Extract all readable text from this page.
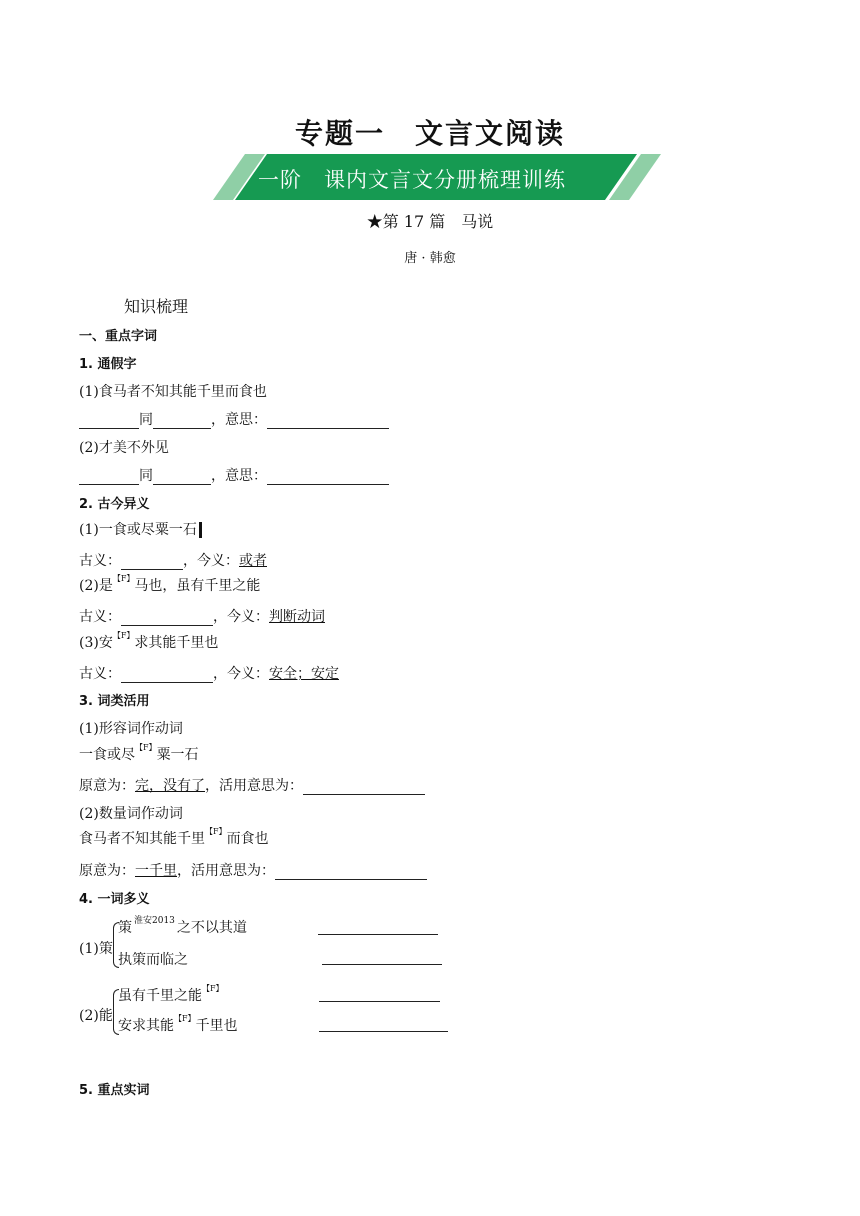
专题一　文言文阅读
一阶　课内文言文分册梳理训练
★第 17 篇　马说
唐 · 韩愈
知识梳理
一、重点字词
1. 通假字
(1)食马者不知其能千里而食也
同	，意思：
(2)才美不外见
同	，意思：
2. 古今异义
(1)一食或尽粟一石
古义：	，今义：或者
(2)是$^{【F】}$马也，虽有千里之能
古义：	，今义：判断动词
(3)安$^{【F】}$求其能千里也
古义：	，今义：安全；安定
3. 词类活用
(1)形容词作动词
一食或尽$^{【F】}$粟一石
原意为：完，没有了，活用意思为：
(2)数量词作动词
食马者不知其能千里$^{【F】}$而食也
原意为：一千里，活用意思为：
4. 一词多义
(1)策
策 $^{淮安2013}$ 之不以其道
执策而临之
(2)能
虽有千里之能$^{【F】}$
安求其能$^{【F】}$千里也
5. 重点实词
